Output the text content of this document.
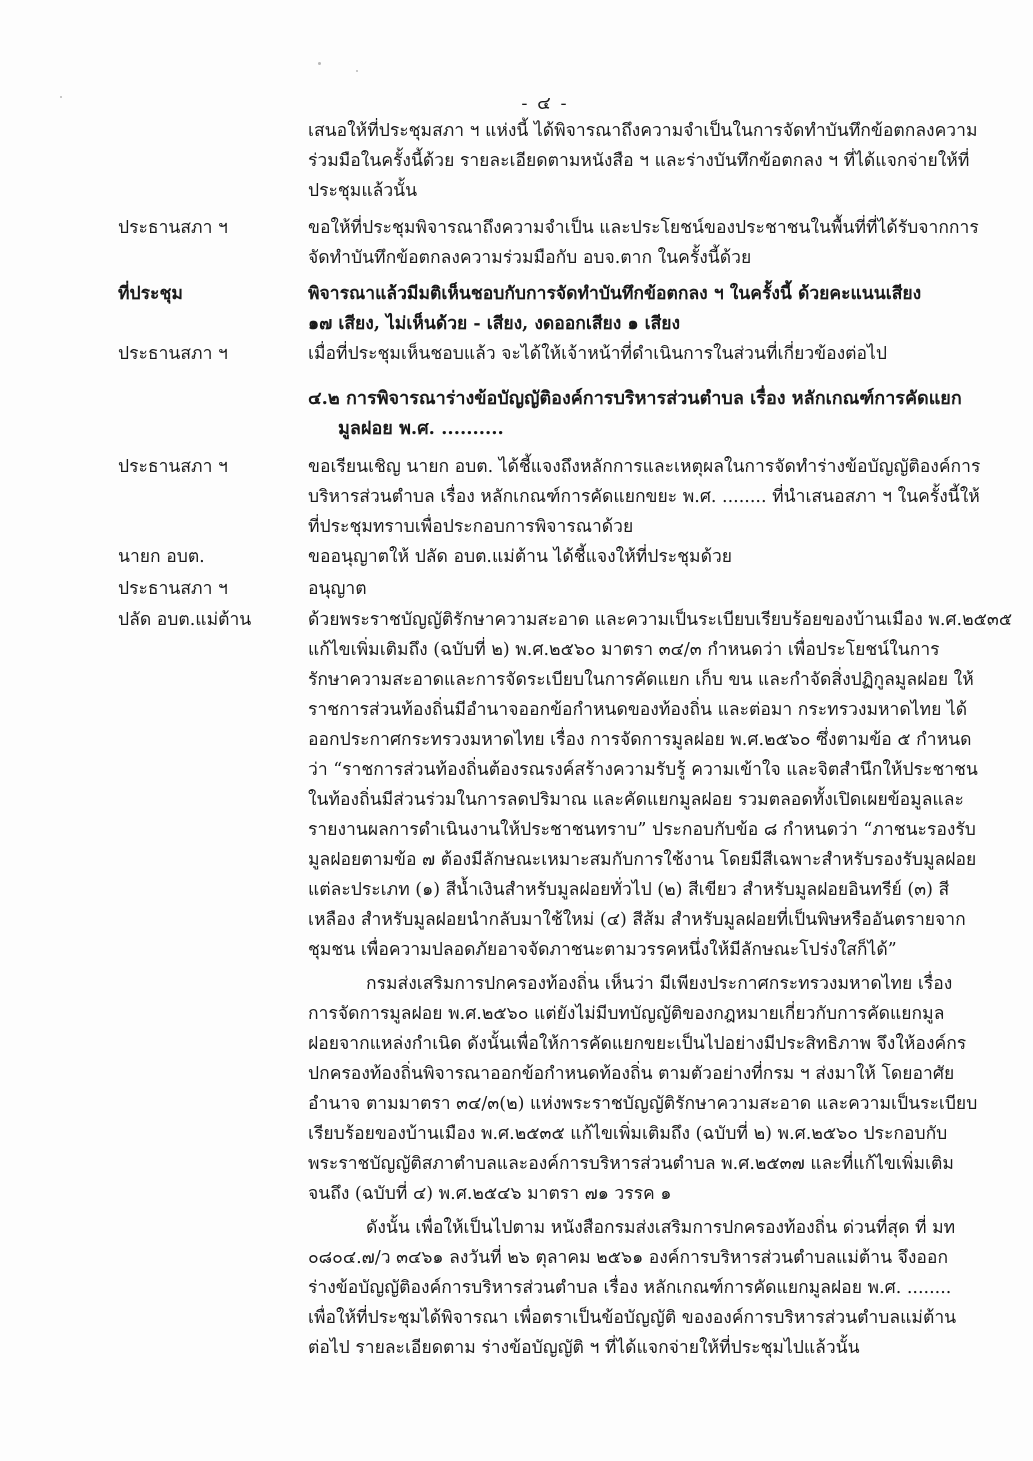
- ๔ -
เสนอให้ที่ประชุมสภา ฯ แห่งนี้ ได้พิจารณาถึงความจำเป็นในการจัดทำบันทึกข้อตกลงความ
ร่วมมือในครั้งนี้ด้วย รายละเอียดตามหนังสือ ฯ และร่างบันทึกข้อตกลง ฯ ที่ได้แจกจ่ายให้ที่
ประชุมแล้วนั้น
ประธานสภา ฯ	ขอให้ที่ประชุมพิจารณาถึงความจำเป็น และประโยชน์ของประชาชนในพื้นที่ที่ได้รับจากการ
จัดทำบันทึกข้อตกลงความร่วมมือกับ อบจ.ตาก ในครั้งนี้ด้วย
ที่ประชุม	พิจารณาแล้วมีมติเห็นชอบกับการจัดทำบันทึกข้อตกลง ฯ ในครั้งนี้ ด้วยคะแนนเสียง
๑๗ เสียง, ไม่เห็นด้วย - เสียง, งดออกเสียง ๑ เสียง
ประธานสภา ฯ	เมื่อที่ประชุมเห็นชอบแล้ว จะได้ให้เจ้าหน้าที่ดำเนินการในส่วนที่เกี่ยวข้องต่อไป
๔.๒ การพิจารณาร่างข้อบัญญัติองค์การบริหารส่วนตำบล เรื่อง หลักเกณฑ์การคัดแยก
มูลฝอย พ.ศ. ..........
ประธานสภา ฯ	ขอเรียนเชิญ นายก อบต. ได้ชี้แจงถึงหลักการและเหตุผลในการจัดทำร่างข้อบัญญัติองค์การ
บริหารส่วนตำบล เรื่อง หลักเกณฑ์การคัดแยกขยะ พ.ศ. ........ ที่นำเสนอสภา ฯ ในครั้งนี้ให้
ที่ประชุมทราบเพื่อประกอบการพิจารณาด้วย
นายก อบต.	ขออนุญาตให้ ปลัด อบต.แม่ต้าน ได้ชี้แจงให้ที่ประชุมด้วย
ประธานสภา ฯ	อนุญาต
ปลัด อบต.แม่ต้าน	ด้วยพระราชบัญญัติรักษาความสะอาด และความเป็นระเบียบเรียบร้อยของบ้านเมือง พ.ศ.๒๕๓๕
แก้ไขเพิ่มเติมถึง (ฉบับที่ ๒) พ.ศ.๒๕๖๐ มาตรา ๓๔/๓ กำหนดว่า เพื่อประโยชน์ในการ
รักษาความสะอาดและการจัดระเบียบในการคัดแยก เก็บ ขน และกำจัดสิ่งปฏิกูลมูลฝอย ให้
ราชการส่วนท้องถิ่นมีอำนาจออกข้อกำหนดของท้องถิ่น และต่อมา กระทรวงมหาดไทย ได้
ออกประกาศกระทรวงมหาดไทย เรื่อง การจัดการมูลฝอย พ.ศ.๒๕๖๐ ซึ่งตามข้อ ๕ กำหนด
ว่า “ราชการส่วนท้องถิ่นต้องรณรงค์สร้างความรับรู้ ความเข้าใจ และจิตสำนึกให้ประชาชน
ในท้องถิ่นมีส่วนร่วมในการลดปริมาณ และคัดแยกมูลฝอย รวมตลอดทั้งเปิดเผยข้อมูลและ
รายงานผลการดำเนินงานให้ประชาชนทราบ” ประกอบกับข้อ ๘ กำหนดว่า “ภาชนะรองรับ
มูลฝอยตามข้อ ๗ ต้องมีลักษณะเหมาะสมกับการใช้งาน โดยมีสีเฉพาะสำหรับรองรับมูลฝอย
แต่ละประเภท (๑) สีน้ำเงินสำหรับมูลฝอยทั่วไป (๒) สีเขียว สำหรับมูลฝอยอินทรีย์ (๓) สี
เหลือง สำหรับมูลฝอยนำกลับมาใช้ใหม่ (๔) สีส้ม สำหรับมูลฝอยที่เป็นพิษหรืออันตรายจาก
ชุมชน เพื่อความปลอดภัยอาจจัดภาชนะตามวรรคหนึ่งให้มีลักษณะโปร่งใสก็ได้”
กรมส่งเสริมการปกครองท้องถิ่น เห็นว่า มีเพียงประกาศกระทรวงมหาดไทย เรื่อง
การจัดการมูลฝอย พ.ศ.๒๕๖๐ แต่ยังไม่มีบทบัญญัติของกฎหมายเกี่ยวกับการคัดแยกมูล
ฝอยจากแหล่งกำเนิด ดังนั้นเพื่อให้การคัดแยกขยะเป็นไปอย่างมีประสิทธิภาพ จึงให้องค์กร
ปกครองท้องถิ่นพิจารณาออกข้อกำหนดท้องถิ่น ตามตัวอย่างที่กรม ฯ ส่งมาให้ โดยอาศัย
อำนาจ ตามมาตรา ๓๔/๓(๒) แห่งพระราชบัญญัติรักษาความสะอาด และความเป็นระเบียบ
เรียบร้อยของบ้านเมือง พ.ศ.๒๕๓๕ แก้ไขเพิ่มเติมถึง (ฉบับที่ ๒) พ.ศ.๒๕๖๐ ประกอบกับ
พระราชบัญญัติสภาตำบลและองค์การบริหารส่วนตำบล พ.ศ.๒๕๓๗ และที่แก้ไขเพิ่มเติม
จนถึง (ฉบับที่ ๔) พ.ศ.๒๕๔๖ มาตรา ๗๑ วรรค ๑
ดังนั้น เพื่อให้เป็นไปตาม หนังสือกรมส่งเสริมการปกครองท้องถิ่น ด่วนที่สุด ที่ มท
๐๘๐๔.๗/ว ๓๔๖๑ ลงวันที่ ๒๖ ตุลาคม ๒๕๖๑ องค์การบริหารส่วนตำบลแม่ต้าน จึงออก
ร่างข้อบัญญัติองค์การบริหารส่วนตำบล เรื่อง หลักเกณฑ์การคัดแยกมูลฝอย พ.ศ. ........
เพื่อให้ที่ประชุมได้พิจารณา เพื่อตราเป็นข้อบัญญัติ ขององค์การบริหารส่วนตำบลแม่ต้าน
ต่อไป รายละเอียดตาม ร่างข้อบัญญัติ ฯ ที่ได้แจกจ่ายให้ที่ประชุมไปแล้วนั้น
